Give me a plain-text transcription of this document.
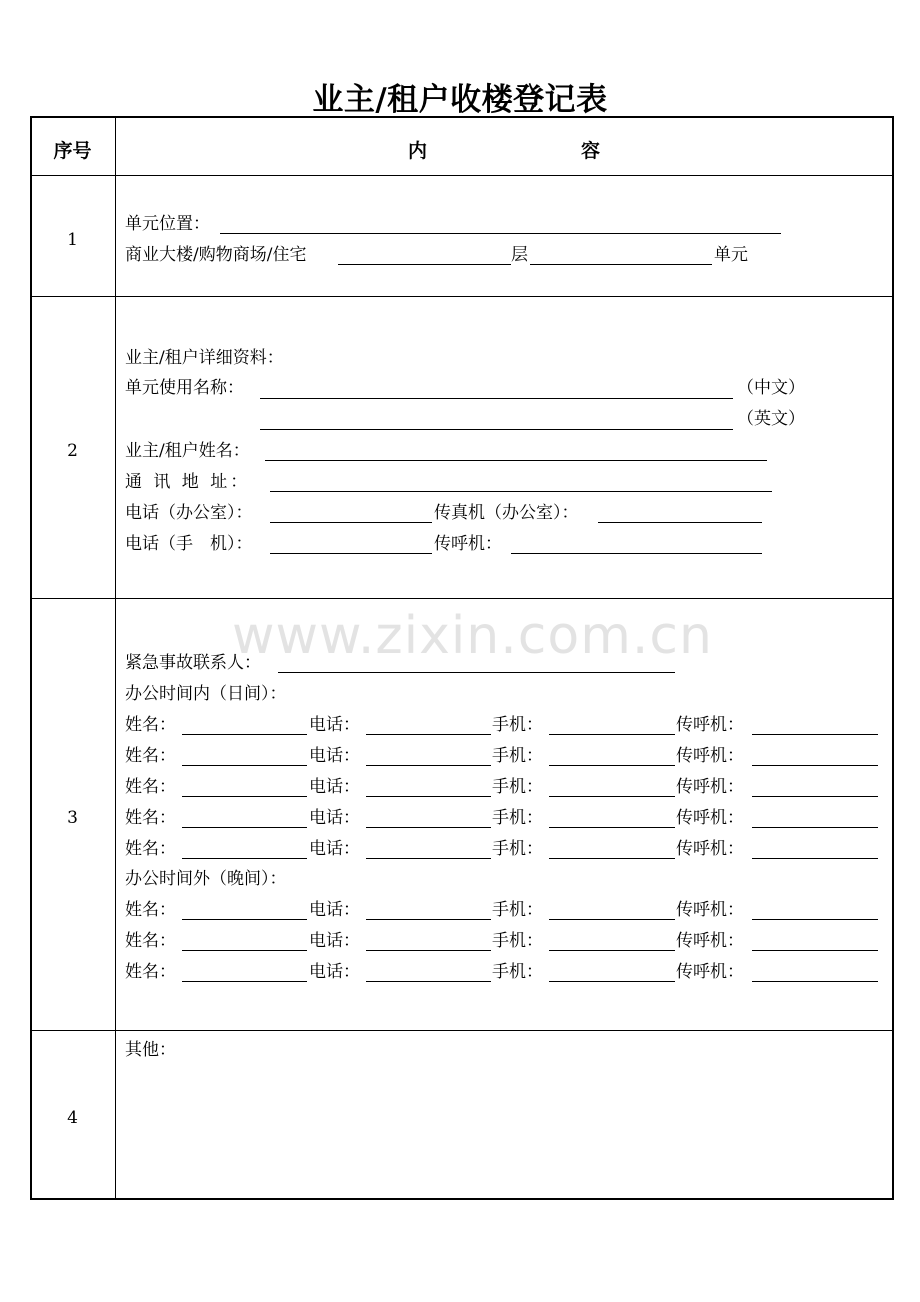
业主/租户收楼登记表
序号	内	容
www.zixin.com.cn
1
单元位置：
商业大楼/购物商场/住宅	层	单元
2
业主/租户详细资料：
单元使用名称：	（中文）
（英文）
业主/租户姓名：
通 讯 地 址：
电话（办公室）：	传真机（办公室）：
电话（手　机）：	传呼机：
3
紧急事故联系人：
办公时间内（日间）：
姓名：	电话：	手机：	传呼机：
姓名：	电话：	手机：	传呼机：
姓名：	电话：	手机：	传呼机：
姓名：	电话：	手机：	传呼机：
姓名：	电话：	手机：	传呼机：
办公时间外（晚间）：
姓名：	电话：	手机：	传呼机：
姓名：	电话：	手机：	传呼机：
姓名：	电话：	手机：	传呼机：
4
其他：
